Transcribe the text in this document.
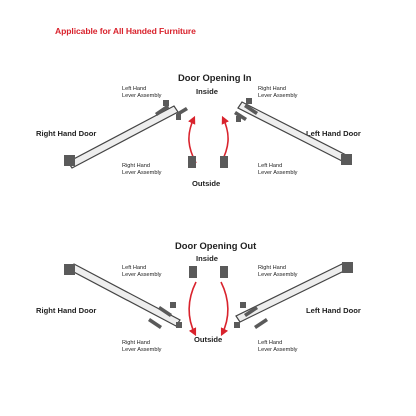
Applicable for All Handed Furniture
Door Opening In
Inside
Outside
Right Hand Door	Left Hand Door
Left Hand
Lever Assembly
Right Hand
Lever Assembly
Right Hand
Lever Assembly
Left Hand
Lever Assembly
Door Opening Out
Inside
Outside
Right Hand Door	Left Hand Door
Left Hand
Lever Assembly
Right Hand
Lever Assembly
Right Hand
Lever Assembly
Left Hand
Lever Assembly
